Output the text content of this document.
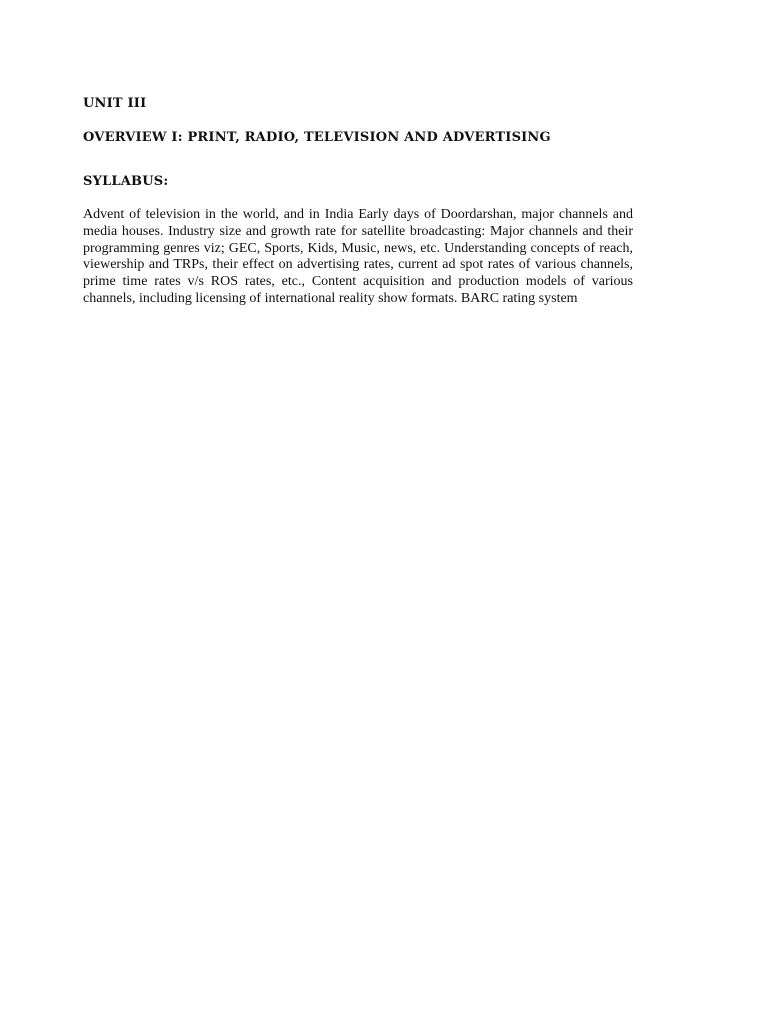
UNIT III

OVERVIEW I: PRINT, RADIO, TELEVISION AND ADVERTISING

SYLLABUS:

Advent of television in the world, and in India Early days of Doordarshan, major channels and media houses. Industry size and growth rate for satellite broadcasting: Major channels and their programming genres viz; GEC, Sports, Kids, Music, news, etc. Understanding concepts of reach, viewership and TRPs, their effect on advertising rates, current ad spot rates of various channels, prime time rates v/s ROS rates, etc., Content acquisition and production models of various channels, including licensing of international reality show formats. BARC rating system
